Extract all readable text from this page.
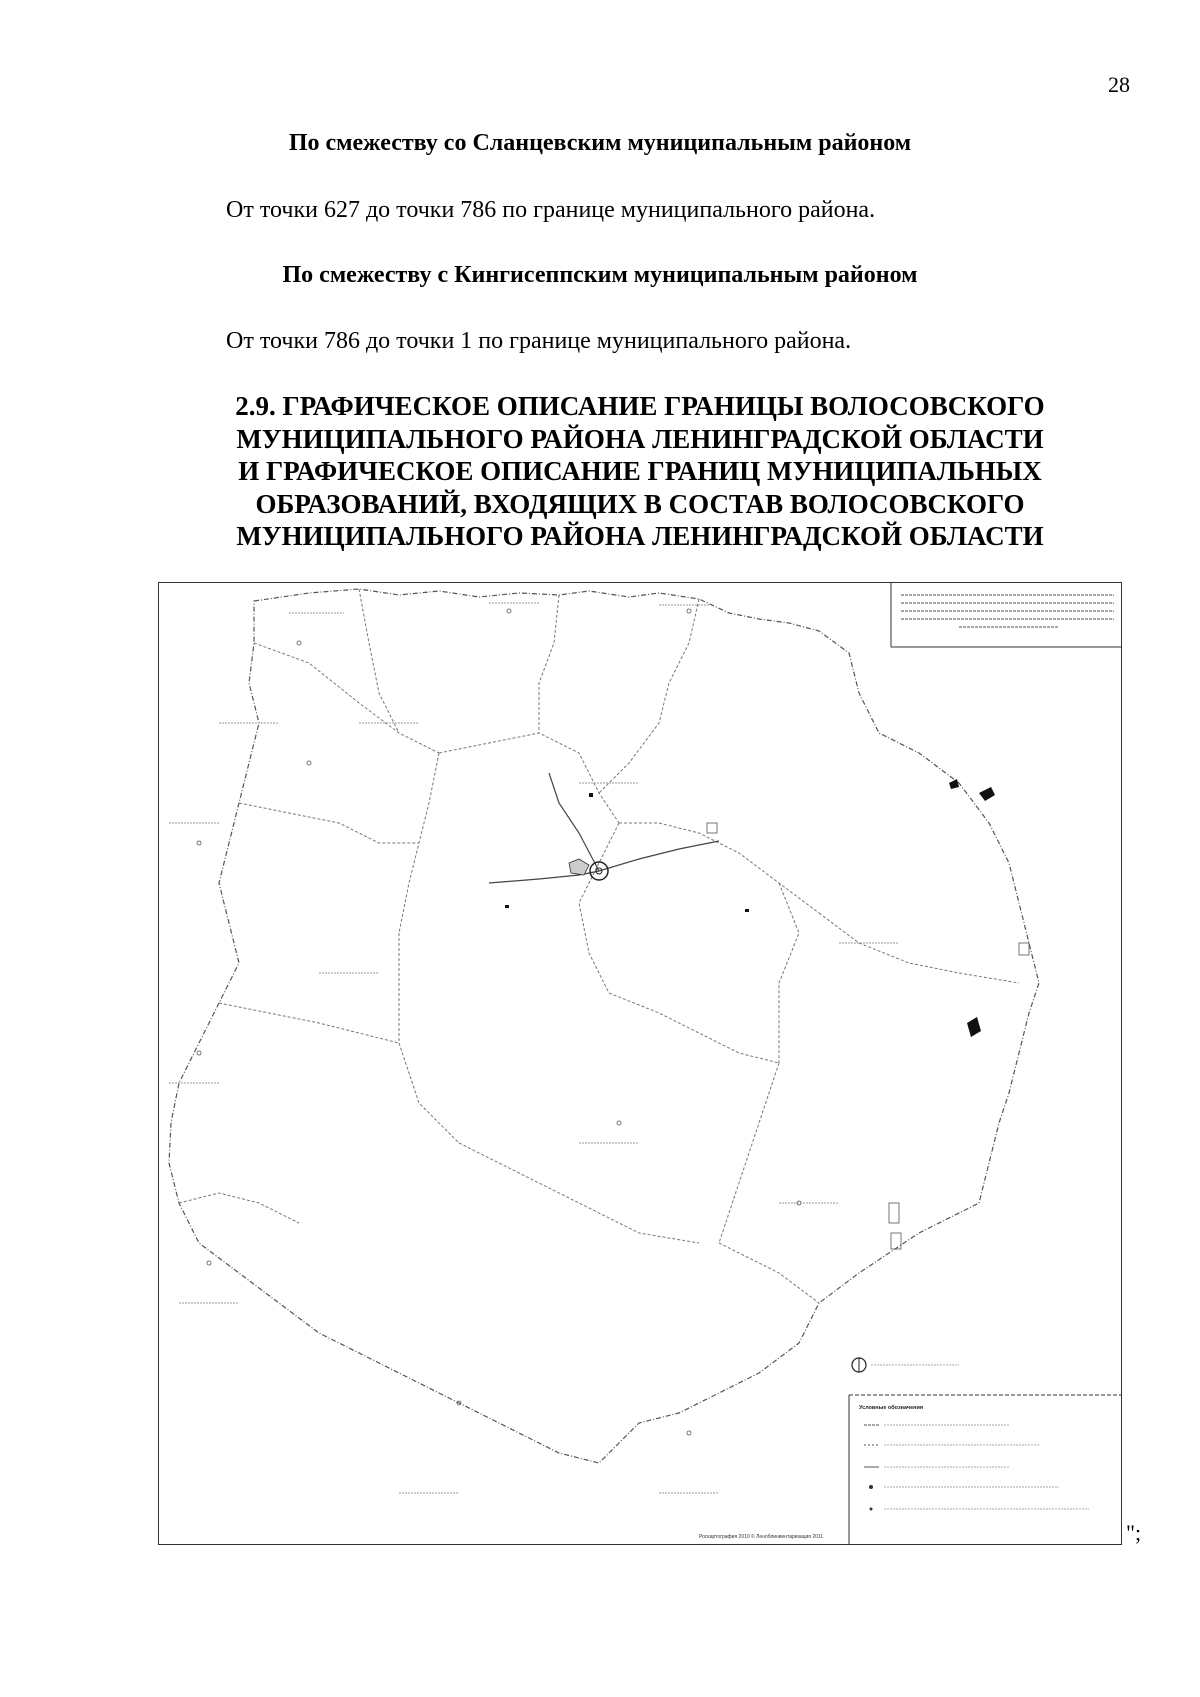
28
По смежеству со Сланцевским муниципальным районом
От точки 627 до точки 786 по границе муниципального района.
По смежеству с Кингисеппским муниципальным районом
От точки 786 до точки 1 по границе муниципального района.
2.9. ГРАФИЧЕСКОЕ ОПИСАНИЕ ГРАНИЦЫ ВОЛОСОВСКОГО
МУНИЦИПАЛЬНОГО РАЙОНА ЛЕНИНГРАДСКОЙ ОБЛАСТИ
И ГРАФИЧЕСКОЕ ОПИСАНИЕ ГРАНИЦ МУНИЦИПАЛЬНЫХ
ОБРАЗОВАНИЙ, ВХОДЯЩИХ В СОСТАВ ВОЛОСОВСКОГО
МУНИЦИПАЛЬНОГО РАЙОНА ЛЕНИНГРАДСКОЙ ОБЛАСТИ
Условные обозначения
Роскартография 2010 © Леноблинвентаризация 2011	";
